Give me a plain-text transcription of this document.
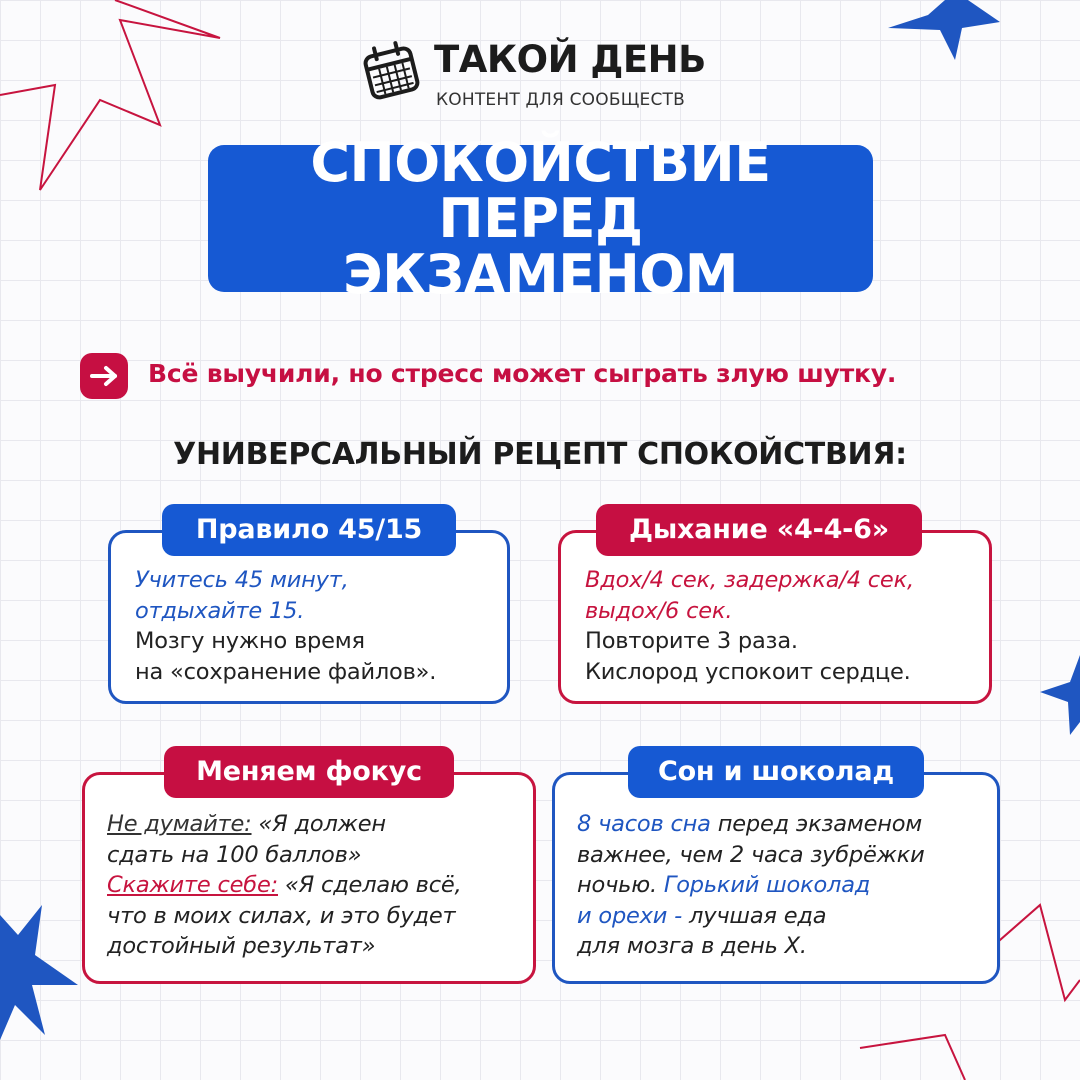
ТАКОЙ ДЕНЬ
КОНТЕНТ ДЛЯ СООБЩЕСТВ
СПОКОЙСТВИЕ ПЕРЕД
ЭКЗАМЕНОМ
Всё выучили, но стресс может сыграть злую шутку.
УНИВЕРСАЛЬНЫЙ РЕЦЕПТ СПОКОЙСТВИЯ:
Учитесь 45 минут,
отдыхайте 15.
Мозгу нужно время
на «сохранение файлов».
Правило 45/15
Вдох/4 сек, задержка/4 сек,
выдох/6 сек.
Повторите 3 раза.
Кислород успокоит сердце.
Дыхание «4-4-6»
Не думайте: «Я должен
сдать на 100 баллов»
Скажите себе: «Я сделаю всё,
что в моих силах, и это будет
достойный результат»
Меняем фокус
8 часов сна перед экзаменом
важнее, чем 2 часа зубрёжки
ночью. Горький шоколад
и орехи - лучшая еда
для мозга в день Х.
Сон и шоколад
